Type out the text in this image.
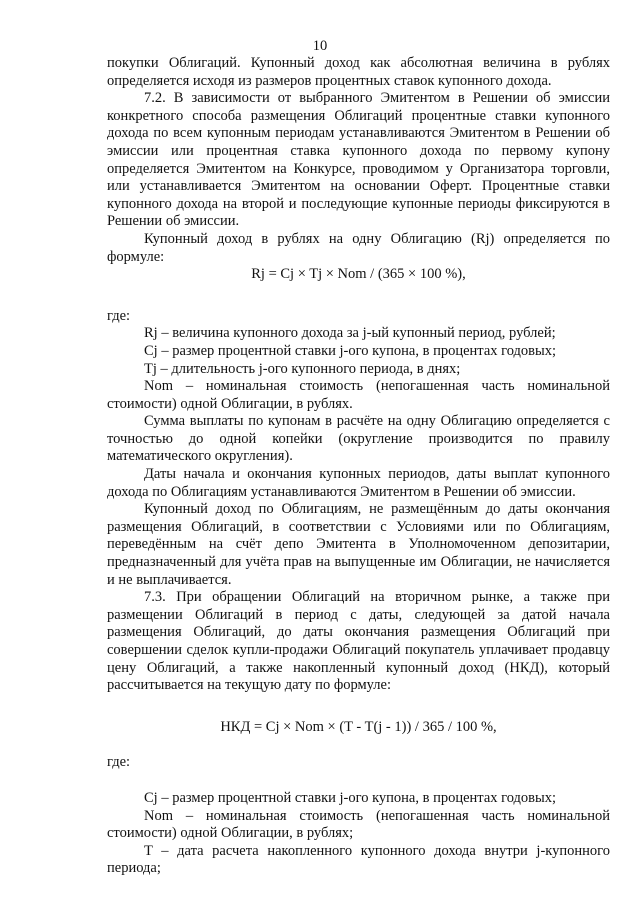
10

покупки Облигаций. Купонный доход как абсолютная величина в рублях определяется исходя из размеров процентных ставок купонного дохода.

7.2. В зависимости от выбранного Эмитентом в Решении об эмиссии конкретного способа размещения Облигаций процентные ставки купонного дохода по всем купонным периодам устанавливаются Эмитентом в Решении об эмиссии или процентная ставка купонного дохода по первому купону определяется Эмитентом на Конкурсе, проводимом у Организатора торговли, или устанавливается Эмитентом на основании Оферт. Процентные ставки купонного дохода на второй и последующие купонные периоды фиксируются в Решении об эмиссии.

Купонный доход в рублях на одну Облигацию (Rj) определяется по формуле:

Rj = Cj × Tj × Nom / (365 × 100 %),

где:

Rj – величина купонного дохода за j-ый купонный период, рублей;

Cj – размер процентной ставки j-ого купона, в процентах годовых;

Tj – длительность j-ого купонного периода, в днях;

Nom – номинальная стоимость (непогашенная часть номинальной стоимости) одной Облигации, в рублях.

Сумма выплаты по купонам в расчёте на одну Облигацию определяется с точностью до одной копейки (округление производится по правилу математического округления).

Даты начала и окончания купонных периодов, даты выплат купонного дохода по Облигациям устанавливаются Эмитентом в Решении об эмиссии.

Купонный доход по Облигациям, не размещённым до даты окончания размещения Облигаций, в соответствии с Условиями или по Облигациям, переведённым на счёт депо Эмитента в Уполномоченном депозитарии, предназначенный для учёта прав на выпущенные им Облигации, не начисляется и не выплачивается.

7.3. При обращении Облигаций на вторичном рынке, а также при размещении Облигаций в период с даты, следующей за датой начала размещения Облигаций, до даты окончания размещения Облигаций при совершении сделок купли-продажи Облигаций покупатель уплачивает продавцу цену Облигаций, а также накопленный купонный доход (НКД), который рассчитывается на текущую дату по формуле:

НКД = Cj × Nom × (T - T(j - 1)) / 365 / 100 %,

где:

Cj – размер процентной ставки j-ого купона, в процентах годовых;

Nom – номинальная стоимость (непогашенная часть номинальной стоимости) одной Облигации, в рублях;

T – дата расчета накопленного купонного дохода внутри j-купонного периода;
